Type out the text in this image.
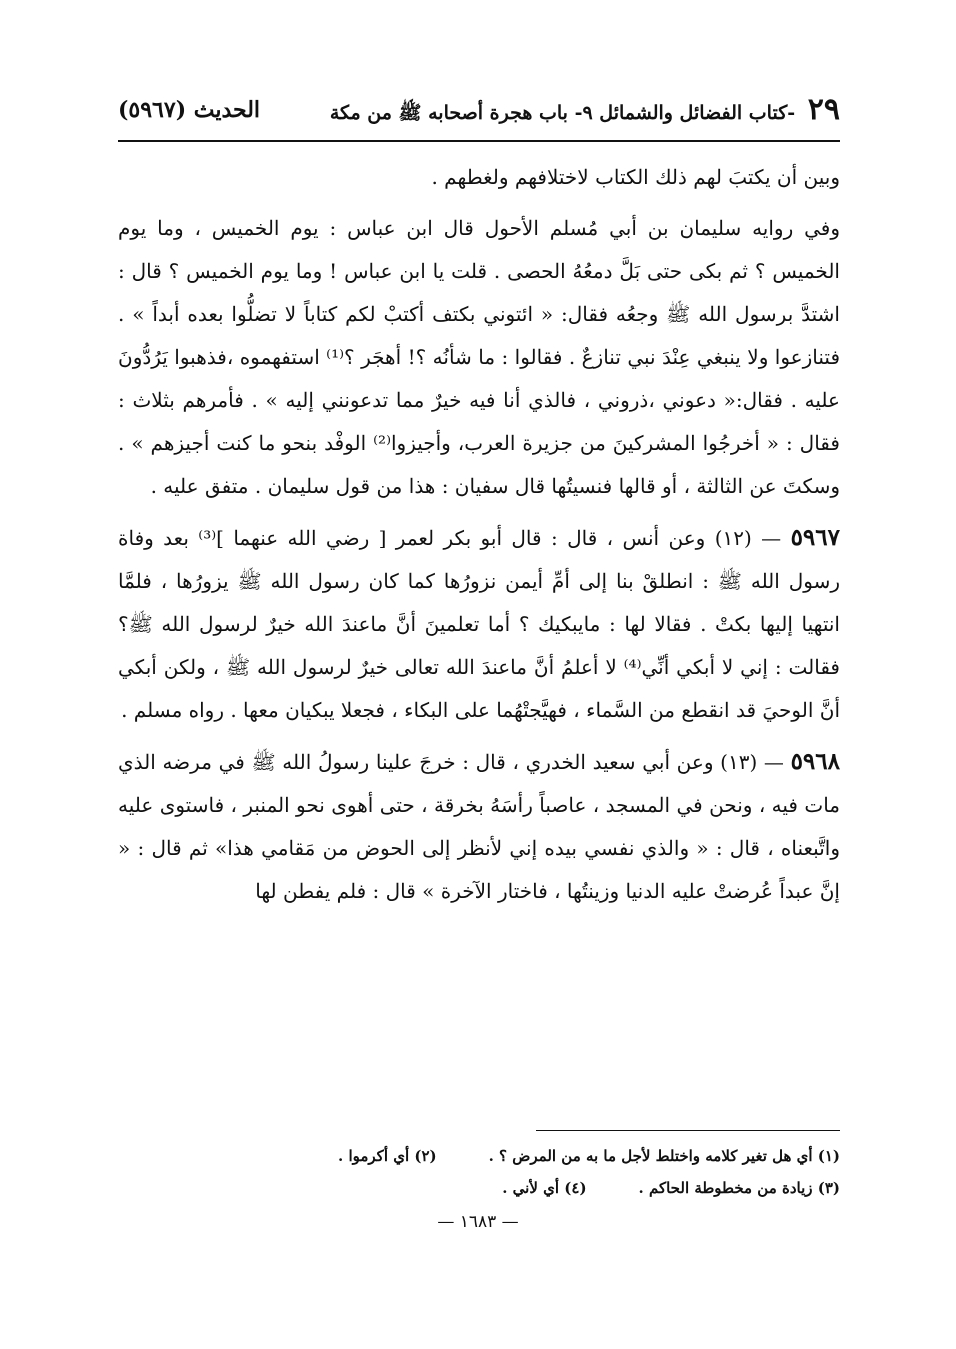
٢٩ -كتاب الفضائل والشمائل ٩- باب هجرة أصحابه ﷺ من مكة
الحديث (٥٩٦٧)

وبين أن يكتبَ لهم ذلك الكتاب لاختلافهم ولغطهم .

وفي روايه سليمان بن أبي مُسلم الأحول قال ابن عباس : يوم الخميس ، وما يوم الخميس ؟ ثم بكى حتى بَلَّ دمعُهُ الحصى . قلت يا ابن عباس ! وما يوم الخميس ؟ قال : اشتدَّ برسول الله ﷺ وجعُه فقال: « ائتوني بكتف أكتبْ لكم كتاباً لا تضلُّوا بعده أبداً » . فتنازعوا ولا ينبغي عِنْدَ نبي تنازعٌ . فقالوا : ما شأنُه ؟! أهجَر ؟⁽¹⁾ استفهموه ،فذهبوا يَرُدُّونَ عليه . فقال:« دعوني ،ذروني ، فالذي أنا فيه خيرٌ مما تدعونني إليه » . فأمرهم بثلاث : فقال : « أخرجُوا المشركينَ من جزيرة العرب، وأجيزوا⁽²⁾ الوفْد بنحو ما كنت أجيزهم » . وسكتَ عن الثالثة ، أو قالها فنسيتُها قال سفيان : هذا من قول سليمان . متفق عليه .

٥٩٦٧ — (١٢) وعن أنس ، قال : قال أبو بكر لعمر [ رضي الله عنهما ]⁽³⁾ بعد وفاة رسول الله ﷺ : انطلقْ بنا إلى أمِّ أيمن نزورُها كما كان رسول الله ﷺ يزورُها ، فلمَّا انتهيا إليها بكتْ . فقالا لها : مايبكيك ؟ أما تعلمينَ أنَّ ماعندَ الله خيرٌ لرسول الله ﷺ؟ فقالت : إني لا أبكي أنِّي⁽⁴⁾ لا أعلمُ أنَّ ماعندَ الله تعالى خيرٌ لرسول الله ﷺ ، ولكن أبكي أنَّ الوحيَ قد انقطع من السَّماء ، فهيَّجتْهُما على البكاء ، فجعلا يبكيان معها . رواه مسلم .

٥٩٦٨ — (١٣) وعن أبي سعيد الخدري ، قال : خرجَ علينا رسولُ الله ﷺ في مرضه الذي مات فيه ، ونحن في المسجد ، عاصباً رأسَهُ بخرقة ، حتى أهوى نحو المنبر ، فاستوى عليه واتَّبعناه ، قال : « والذي نفسي بيده إني لأنظر إلى الحوض من مَقامي هذا» ثم قال : « إنَّ عبداً عُرضتْ عليه الدنيا وزينتُها ، فاختار الآخرة » قال : فلم يفطن لها

(١) أي هل تغير كلامه واختلط لأجل ما به من المرض ؟ .
(٢) أي أكرموا .
(٣) زيادة من مخطوطة الحاكم .
(٤) أي لأني .
— ١٦٨٣ —
